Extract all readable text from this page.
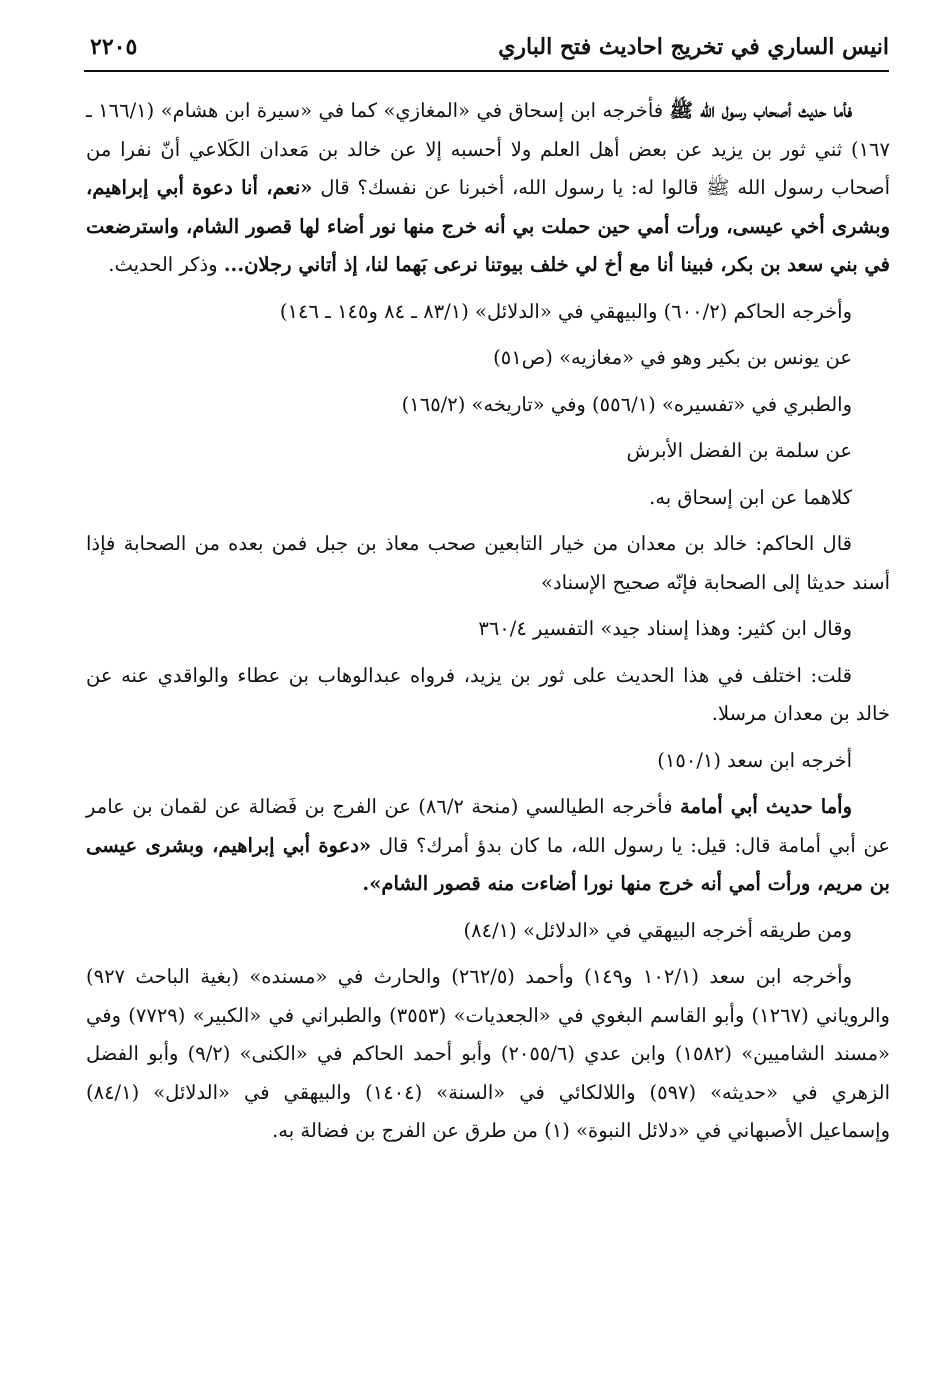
انيس الساري في تخريج احاديث فتح الباري
٢٢٠٥

فأما حديث أصحاب رسول الله ﷺ فأخرجه ابن إسحاق في «المغازي» كما في «سيرة ابن هشام» (١٦٦/١ ـ ١٦٧) ثني ثور بن يزيد عن بعض أهل العلم ولا أحسبه إلا عن خالد بن مَعدان الكَلاعي أنّ نفرا من أصحاب رسول الله ﷺ قالوا له: يا رسول الله، أخبرنا عن نفسك؟ قال «نعم، أنا دعوة أبي إبراهيم، وبشرى أخي عيسى، ورأت أمي حين حملت بي أنه خرج منها نور أضاء لها قصور الشام، واسترضعت في بني سعد بن بكر، فبينا أنا مع أخ لي خلف بيوتنا نرعى بَهما لنا، إذ أتاني رجلان... وذكر الحديث.

وأخرجه الحاكم (٦٠٠/٢) والبيهقي في «الدلائل» (٨٣/١ ـ ٨٤ و١٤٥ ـ ١٤٦)

عن يونس بن بكير وهو في «مغازيه» (ص٥١)

والطبري في «تفسيره» (٥٥٦/١) وفي «تاريخه» (١٦٥/٢)

عن سلمة بن الفضل الأبرش

كلاهما عن ابن إسحاق به.

قال الحاكم: خالد بن معدان من خيار التابعين صحب معاذ بن جبل فمن بعده من الصحابة فإذا أسند حديثا إلى الصحابة فإنّه صحيح الإسناد»

وقال ابن كثير: وهذا إسناد جيد» التفسير ٣٦٠/٤

قلت: اختلف في هذا الحديث على ثور بن يزيد، فرواه عبدالوهاب بن عطاء والواقدي عنه عن خالد بن معدان مرسلا.

أخرجه ابن سعد (١٥٠/١)

وأما حديث أبي أمامة فأخرجه الطيالسي (منحة ٨٦/٢) عن الفرج بن فَضالة عن لقمان بن عامر عن أبي أمامة قال: قيل: يا رسول الله، ما كان بدؤ أمرك؟ قال «دعوة أبي إبراهيم، وبشرى عيسى بن مريم، ورأت أمي أنه خرج منها نورا أضاءت منه قصور الشام».

ومن طريقه أخرجه البيهقي في «الدلائل» (٨٤/١)

وأخرجه ابن سعد (١٠٢/١ و١٤٩) وأحمد (٢٦٢/٥) والحارث في «مسنده» (بغية الباحث ٩٢٧) والروياني (١٢٦٧) وأبو القاسم البغوي في «الجعديات» (٣٥٥٣) والطبراني في «الكبير» (٧٧٢٩) وفي «مسند الشاميين» (١٥٨٢) وابن عدي (٢٠٥٥/٦) وأبو أحمد الحاكم في «الكنى» (٩/٢) وأبو الفضل الزهري في «حديثه» (٥٩٧) واللالكائي في «السنة» (١٤٠٤) والبيهقي في «الدلائل» (٨٤/١) وإسماعيل الأصبهاني في «دلائل النبوة» (١) من طرق عن الفرج بن فضالة به.
